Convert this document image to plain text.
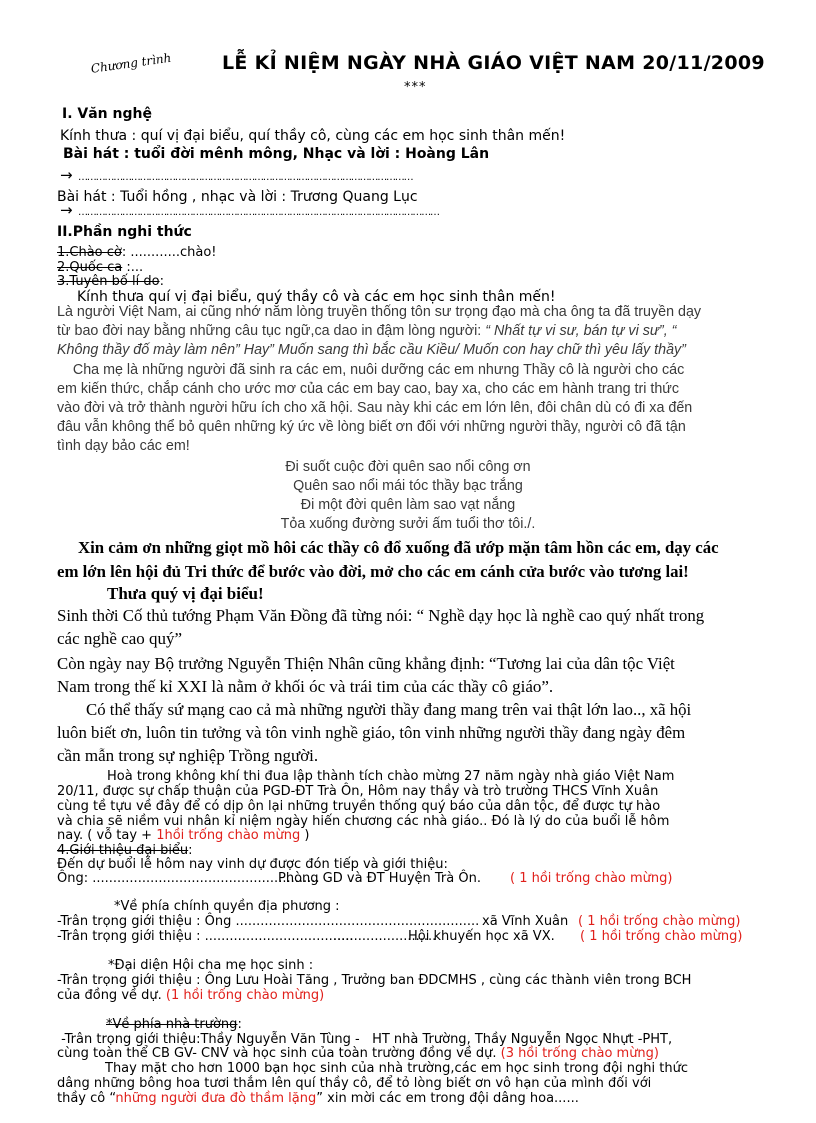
Chương trình	LỄ KỈ NIỆM NGÀY NHÀ GIÁO VIỆT NAM 20/11/2009
***
I. Văn nghệ
Kính thưa : quí vị đại biểu, quí thầy cô, cùng các em học sinh thân mến!
Bài hát : tuổi đời mênh mông, Nhạc và lời : Hoàng Lân
→ ……………………………………………………………………………………………………
Bài hát : Tuổi hồng , nhạc và lời : Trương Quang Lục
→ ……………………………………………………………………………………………………………
II.Phần nghi thức
1.Chào cờ: ............chào!
2.Quốc ca :...
3.Tuyên bố lí do:
Kính thưa quí vị đại biểu, quý thầy cô và các em học sinh thân mến!
Là người Việt Nam, ai cũng nhớ năm lòng truyền thống tôn sư trọng đạo mà cha ông ta đã truyền dạy
từ bao đời nay bằng những câu tục ngữ,ca dao in đậm lòng người: “ Nhất tự vi sư, bán tự vi sư”, “
Không thầy đố mày làm nên” Hay” Muốn sang thì bắc cầu Kiều/ Muốn con hay chữ thì yêu lấy thầy”
Cha mẹ là những người đã sinh ra các em, nuôi dưỡng các em nhưng Thầy cô là người cho các
em kiến thức, chắp cánh cho ước mơ của các em bay cao, bay xa, cho các em hành trang tri thức
vào đời và trở thành người hữu ích cho xã hội. Sau này khi các em lớn lên, đôi chân dù có đi xa đến
đâu vẫn không thể bỏ quên những ký ức về lòng biết ơn đối với những người thầy, người cô đã tận
tình dạy bảo các em!
Đi suốt cuộc đời quên sao nổi công ơn
Quên sao nổi mái tóc thầy bạc trắng
Đi một đời quên làm sao vạt nắng
Tỏa xuống đường sưởi ấm tuổi thơ tôi./.
Xin cảm ơn những giọt mồ hôi các thầy cô đổ xuống đã ướp mặn tâm hồn các em, dạy các
em lớn lên hội đủ Tri thức để bước vào đời, mở cho các em cánh cửa bước vào tương lai!
Thưa quý vị đại biểu!
Sinh thời Cố thủ tướng Phạm Văn Đồng đã từng nói: “ Nghề dạy học là nghề cao quý nhất trong
các nghề cao quý”
Còn ngày nay Bộ trưởng Nguyễn Thiện Nhân cũng khẳng định: “Tương lai của dân tộc Việt
Nam trong thế kỉ XXI là nằm ở khối óc và trái tim của các thầy cô giáo”.
Có thể thấy sứ mạng cao cả mà những người thầy đang mang trên vai thật lớn lao.., xã hội
luôn biết ơn, luôn tin tưởng và tôn vinh nghề giáo, tôn vinh những người thầy đang ngày đêm
cần mẫn trong sự nghiệp Trồng người.
Hoà trong không khí thi đua lập thành tích chào mừng 27 năm ngày nhà giáo Việt Nam
20/11, được sự chấp thuận của PGD-ĐT Trà Ôn, Hôm nay thầy và trò trường THCS Vĩnh Xuân
cùng tề tựu về đây để có dịp ôn lại những truyền thống quý báo của dân tộc, để được tự hào
và chia sẽ niềm vui nhân kỉ niệm ngày hiến chương các nhà giáo.. Đó là lý do của buổi lễ hôm
nay. ( vỗ tay + 1hồi trống chào mừng )
4.Giới thiệu đại biểu:
Đến dự buổi lễ hôm nay vinh dự được đón tiếp và giới thiệu:
Ông: .......................................................
Phòng GD và ĐT Huyện Trà Ôn. ( 1 hồi trống chào mừng)
*Về phía chính quyền địa phương :
-Trân trọng giới thiệu : Ông ........................................................... xã Vĩnh Xuân ( 1 hồi trống chào mừng)
-Trân trọng giới thiệu : ....................................
.........................
Hội khuyến học xã VX. ( 1 hồi trống chào mừng)
*Đại diện Hội cha mẹ học sinh :
-Trân trọng giới thiệu : Ông Lưu Hoài Tăng , Trưởng ban ĐDCMHS , cùng các thành viên trong BCH
của đồng về dự. (1 hồi trống chào mừng)
*Về phía nhà trường:
-Trân trọng giới thiệu:Thầy Nguyễn Văn Tùng -   HT nhà Trường, Thầy Nguyễn Ngọc Nhựt -PHT,
cùng toàn thể CB GV- CNV và học sinh của toàn trường đồng về dự. (3 hồi trống chào mừng)
Thay mặt cho hơn 1000 bạn học sinh của nhà trường,các em học sinh trong đội nghi thức
dâng những bông hoa tươi thắm lên quí thầy cô, để tỏ lòng biết ơn vô hạn của mình đối với
thầy cô “những người đưa đò thầm lặng” xin mời các em trong đội dâng hoa......
